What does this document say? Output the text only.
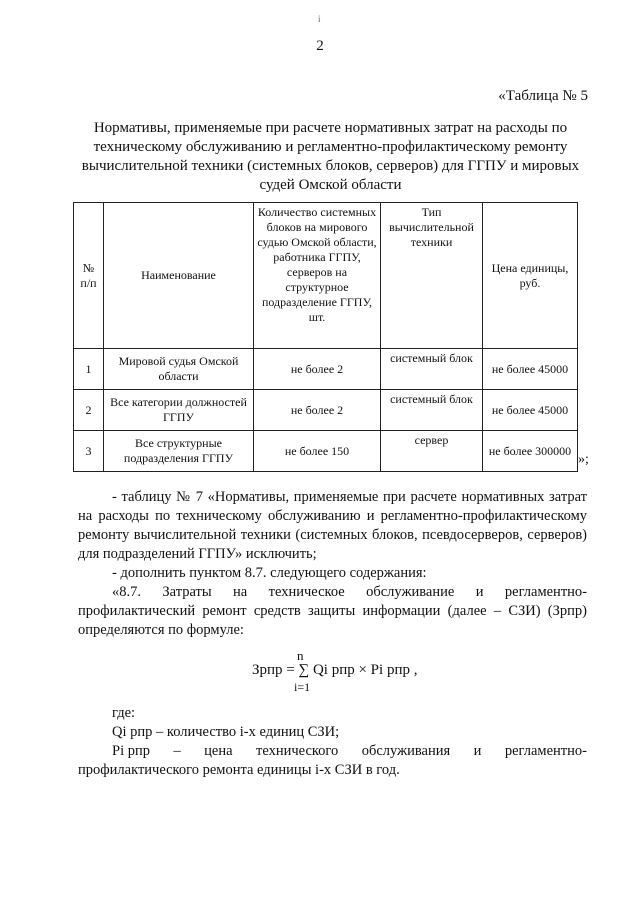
i
2
«Таблица № 5
Нормативы, применяемые при расчете нормативных затрат на расходы по техническому обслуживанию и регламентно-профилактическому ремонту вычислительной техники (системных блоков, серверов) для ГГПУ и мировых судей Омской области
№ п/п	Наименование	Количество системных блоков на мирового судью Омской области, работника ГГПУ, серверов на структурное подразделение ГГПУ, шт.	Тип вычислительной техники	Цена единицы, руб.
1	Мировой судья Омской области	не более 2	системный блок	не более 45000
2	Все категории должностей ГГПУ	не более 2	системный блок	не более 45000
3	Все структурные подразделения ГГПУ	не более 150	сервер	не более 300000
»;
- таблицу № 7 «Нормативы, применяемые при расчете нормативных затрат на расходы по техническому обслуживанию и регламентно-профилактическому ремонту вычислительной техники (системных блоков, псевдосерверов, серверов) для подразделений ГГПУ» исключить;
- дополнить пунктом 8.7. следующего содержания:
«8.7. Затраты на техническое обслуживание и регламентно-профилактический ремонт средств защиты информации (далее – СЗИ) (Зрпр) определяются по формуле:
n
Зрпр = ∑ Qi рпр × Pi рпр ,
i=1
где:
Qi рпр – количество i-х единиц СЗИ;
Pi рпр – цена технического обслуживания и регламентно-
профилактического ремонта единицы i-х СЗИ в год.
